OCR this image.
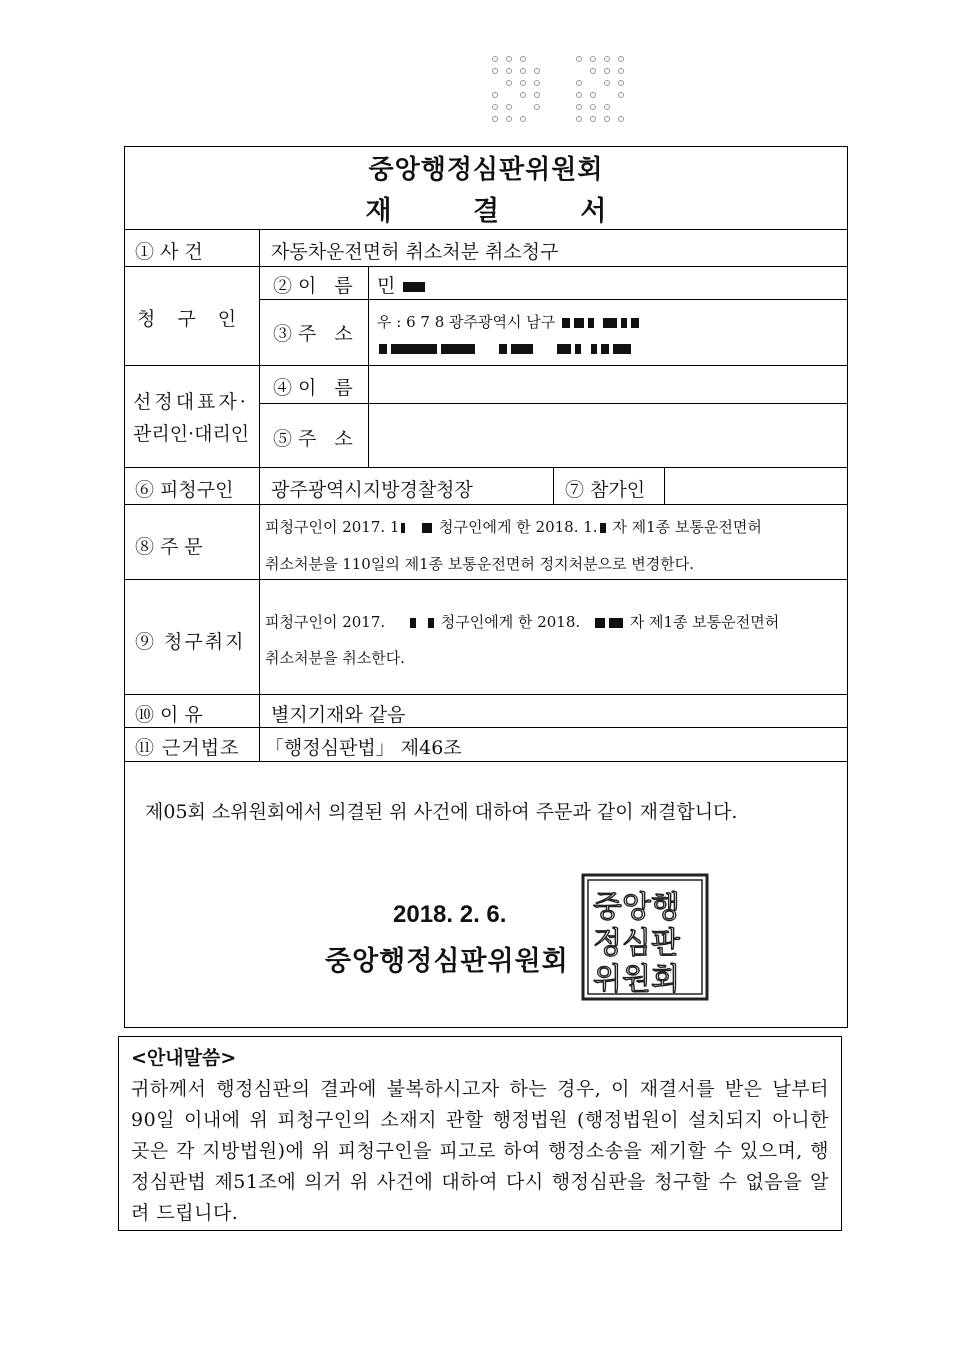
중앙행정심판위원회
재 결 서
① 사 건	자동차운전면허 취소처분 취소청구
청 구 인
②이 름 민
③주 소
우 : 6 7 8 광주광역시 남구

선정대표자·
관리인·대리인
④이 름
⑤주 소
⑥ 피청구인 광주광역시지방경찰청장	⑦ 참가인
⑧ 주 문
피청구인이 2017. 1	청구인에게 한 2018. 1. 자 제1종 보통운전면허
취소처분을 110일의 제1종 보통운전면허 정지처분으로 변경한다.
⑨ 청구취지
피청구인이 2017.	청구인에게 한 2018.	자 제1종 보통운전면허
취소처분을 취소한다.
⑩ 이 유	별지기재와 같음
⑪ 근거법조 「행정심판법」 제46조
제05회 소위원회에서 의결된 위 사건에 대하여 주문과 같이 재결합니다.
2018. 2. 6.
중앙행정심판위원회
중앙행
정심판
위원회
<안내말씀>
귀하께서 행정심판의 결과에 불복하시고자 하는 경우, 이 재결서를 받은 날부터 90일 이내에 위 피청구인의 소재지 관할 행정법원 (행정법원이 설치되지 아니한 곳은 각 지방법원)에 위 피청구인을 피고로 하여 행정소송을 제기할 수 있으며, 행정심판법 제51조에 의거 위 사건에 대하여 다시 행정심판을 청구할 수 없음을 알려 드립니다.
